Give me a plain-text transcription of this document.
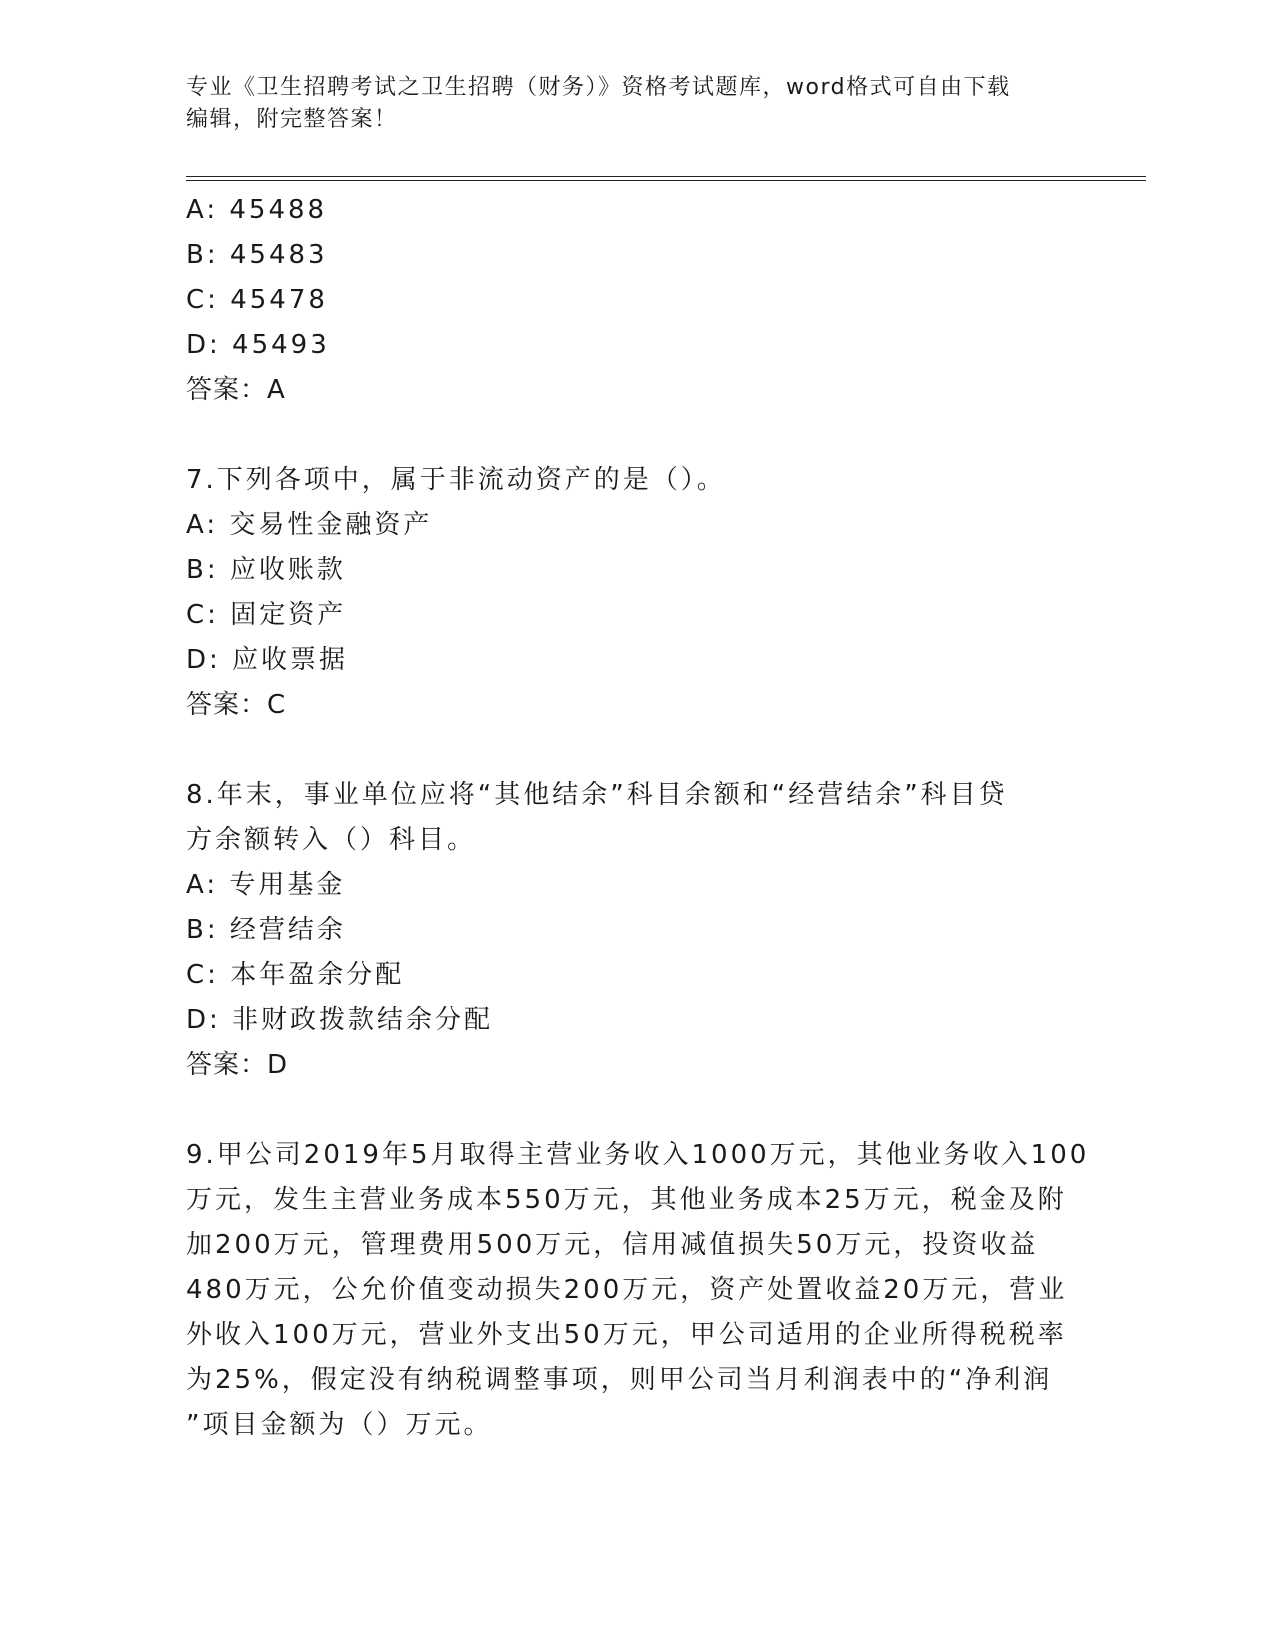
专业《卫生招聘考试之卫生招聘（财务）》资格考试题库，word格式可自由下载
编辑，附完整答案！
A: 45488
B: 45483
C: 45478
D: 45493
答案：A
7.下列各项中，属于非流动资产的是（）。
A: 交易性金融资产
B: 应收账款
C: 固定资产
D: 应收票据
答案：C
8.年末，事业单位应将“其他结余”科目余额和“经营结余”科目贷
方余额转入（）科目。
A: 专用基金
B: 经营结余
C: 本年盈余分配
D: 非财政拨款结余分配
答案：D
9.甲公司2019年5月取得主营业务收入1000万元，其他业务收入100
万元，发生主营业务成本550万元，其他业务成本25万元，税金及附
加200万元，管理费用500万元，信用减值损失50万元，投资收益
480万元，公允价值变动损失200万元，资产处置收益20万元，营业
外收入100万元，营业外支出50万元，甲公司适用的企业所得税税率
为25%，假定没有纳税调整事项，则甲公司当月利润表中的“净利润
”项目金额为（）万元。
